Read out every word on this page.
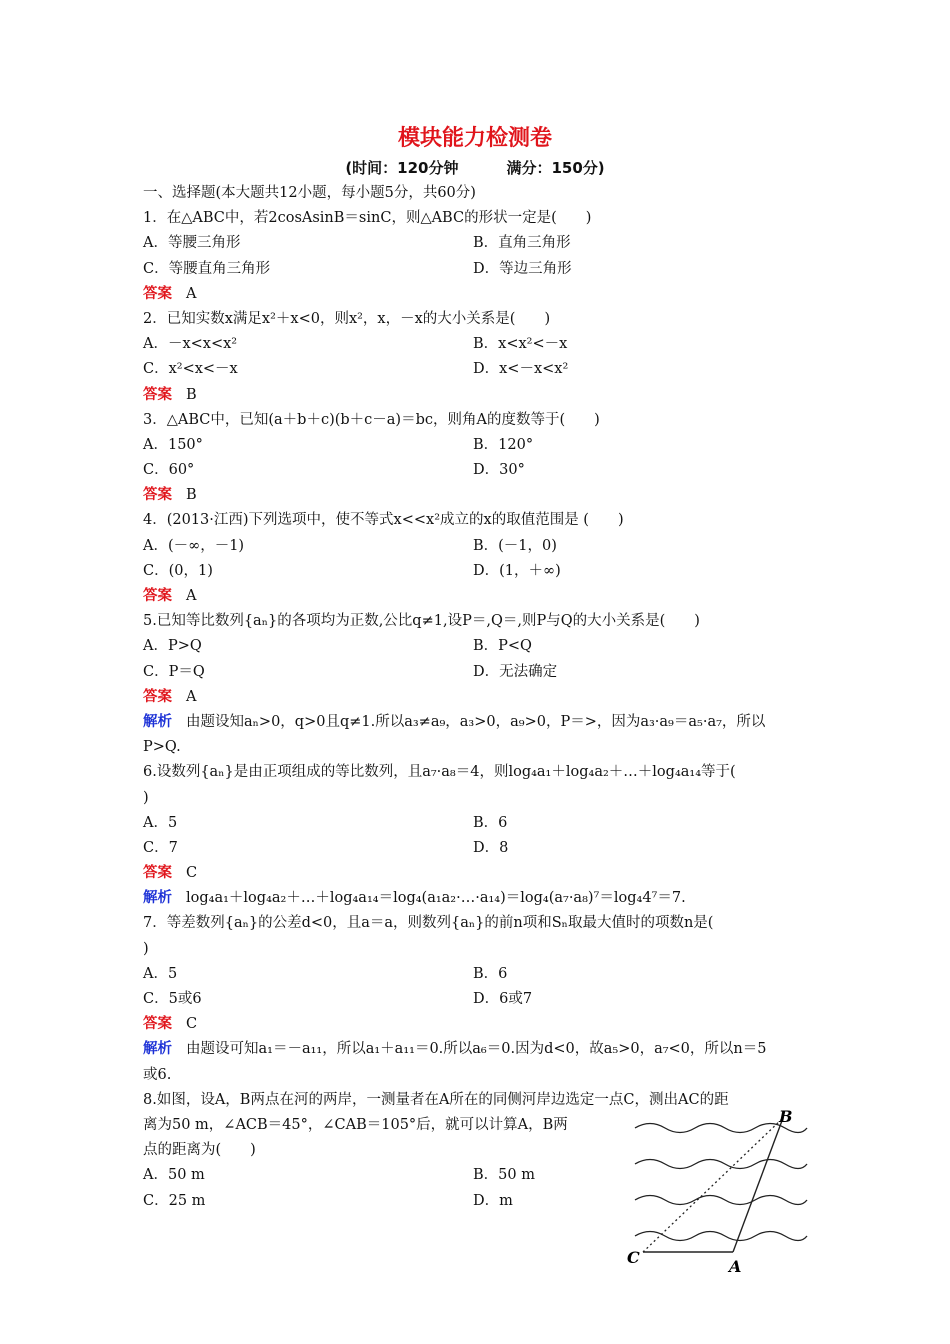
模块能力检测卷
(时间：120分钟	满分：150分)
一、选择题(本大题共12小题，每小题5分，共60分)
1．在△ABC中，若2cosAsinB＝sinC，则△ABC的形状一定是(　　)
A．等腰三角形	B．直角三角形
C．等腰直角三角形	D．等边三角形
答案 A
2．已知实数x满足x²＋x<0，则x²，x，－x的大小关系是(　　)
A．－x<x<x²	B．x<x²<－x
C．x²<x<－x	D．x<－x<x²
答案 B
3．△ABC中，已知(a＋b＋c)(b＋c－a)＝bc，则角A的度数等于(　　)
A．150°	B．120°
C．60°	D．30°
答案 B
4．(2013·江西)下列选项中，使不等式x<<x²成立的x的取值范围是 (　　)
A．(－∞，－1)	B．(－1，0)
C．(0，1)	D．(1，＋∞)
答案 A
5.已知等比数列{aₙ}的各项均为正数,公比q≠1,设P＝,Q＝,则P与Q的大小关系是(　　)
A．P>Q	B．P<Q
C．P＝Q	D．无法确定
答案 A
解析 由题设知aₙ>0，q>0且q≠1.所以a₃≠a₉，a₃>0，a₉>0，P＝>，因为a₃·a₉＝a₅·a₇，所以
P>Q.
6.设数列{aₙ}是由正项组成的等比数列，且a₇·a₈＝4，则log₄a₁＋log₄a₂＋…＋log₄a₁₄等于(
)
A．5	B．6
C．7	D．8
答案 C
解析 log₄a₁＋log₄a₂＋…＋log₄a₁₄＝log₄(a₁a₂·…·a₁₄)＝log₄(a₇·a₈)⁷＝log₄4⁷＝7.
7．等差数列{aₙ}的公差d<0，且a＝a，则数列{aₙ}的前n项和Sₙ取最大值时的项数n是(
)
A．5	B．6
C．5或6	D．6或7
答案 C
解析 由题设可知a₁＝－a₁₁，所以a₁＋a₁₁＝0.所以a₆＝0.因为d<0，故a₅>0，a₇<0，所以n＝5
或6.
8.如图，设A，B两点在河的两岸，一测量者在A所在的同侧河岸边选定一点C，测出AC的距
离为50 m，∠ACB＝45°，∠CAB＝105°后，就可以计算A，B两
点的距离为(　　)
A．50 m	B．50 m
C．25 m	D．m
B
C	A
